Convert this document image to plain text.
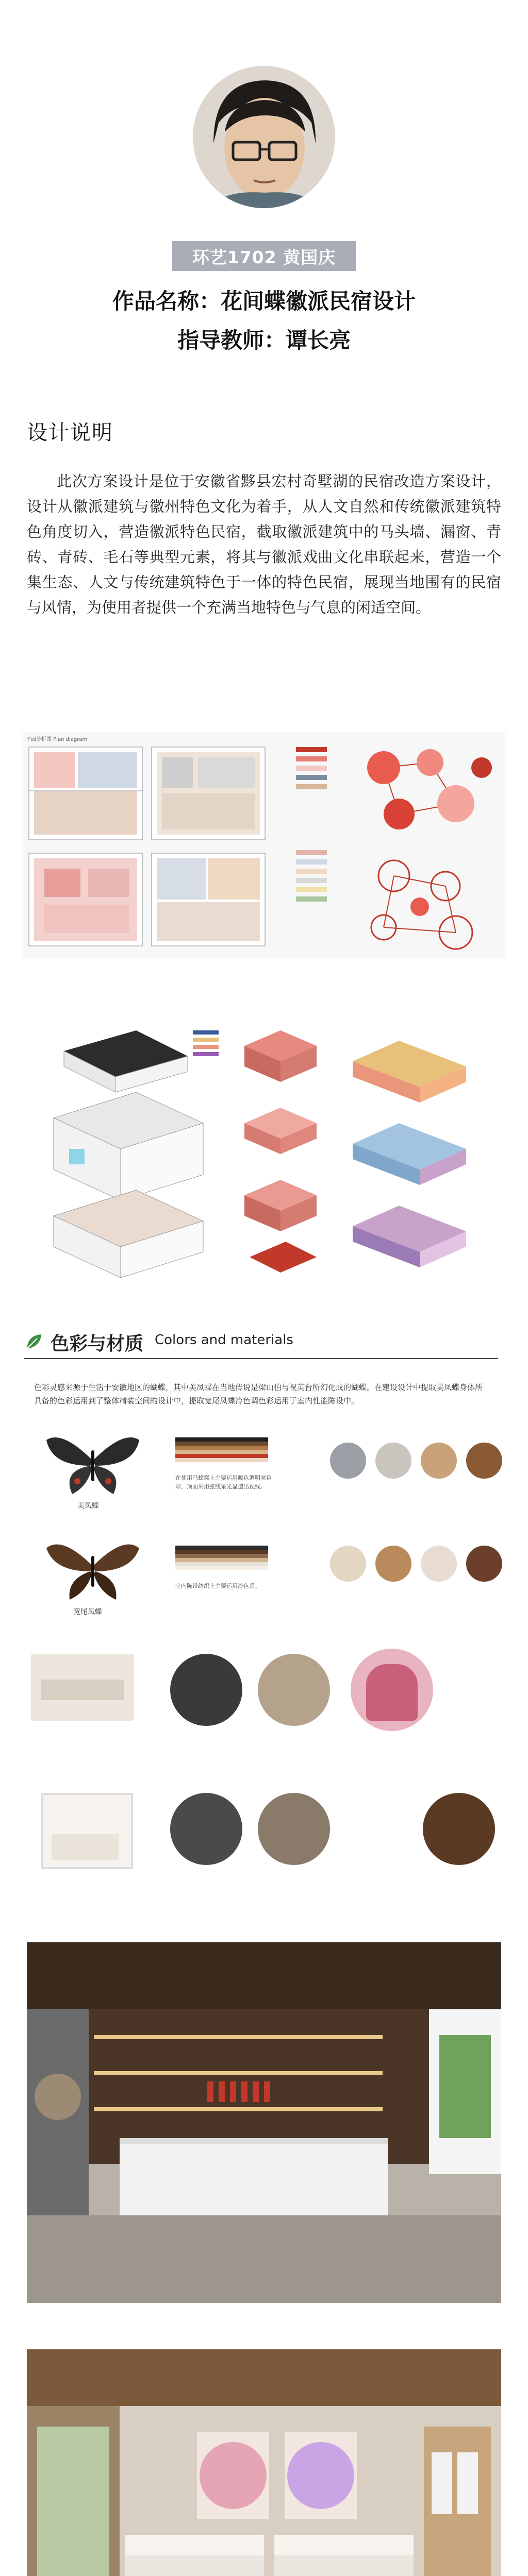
环艺1702 黄国庆
作品名称：花间蝶徽派民宿设计
指导教师：谭长亮
设计说明
此次方案设计是位于安徽省黟县宏村奇墅湖的民宿改造方案设计，设计从徽派建筑与徽州特色文化为着手，从人文自然和传统徽派建筑特色角度切入，营造徽派特色民宿，截取徽派建筑中的马头墙、漏窗、青砖、青砖、毛石等典型元素，将其与徽派戏曲文化串联起来，营造一个集生态、人文与传统建筑特色于一体的特色民宿，展现当地围有的民宿与风情，为使用者提供一个充满当地特色与气息的闲适空间。
平面分析图 Plan diagram
色彩与材质 Colors and materials
色彩灵感来源于生活于安徽地区的蝴蝶，其中美凤蝶在当地传说是梁山伯与祝英台所幻化成的蝴蝶。在建设设计中提取美凤蝶身体所具备的色彩运用到了整体精装空间的设计中，提取宽尾凤蝶冷色调色彩运用于室内性能陈设中。
美凤蝶
宽尾凤蝶
在使用马蜂窝上主要运用暖色调明亮色彩，顶面采用弦线采光显造出视线。
室内陈设纺织上主要运用冷色系。
